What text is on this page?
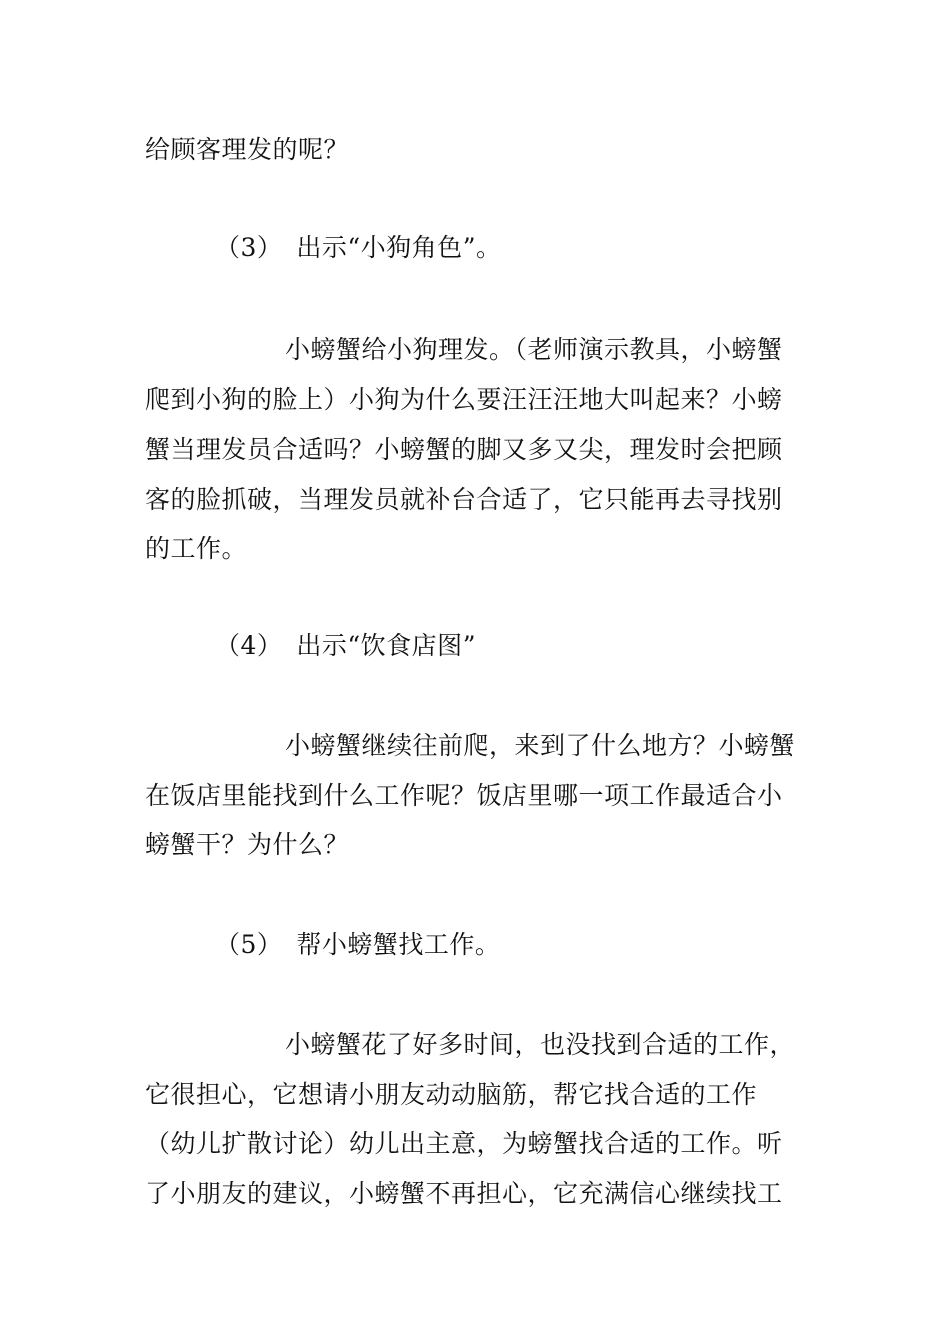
给顾客理发的呢？
（3） 出示“小狗角色”。
小螃蟹给小狗理发。（老师演示教具，小螃蟹
爬到小狗的脸上）小狗为什么要汪汪汪地大叫起来？小螃
蟹当理发员合适吗？小螃蟹的脚又多又尖，理发时会把顾
客的脸抓破，当理发员就补台合适了，它只能再去寻找别
的工作。
（4） 出示“饮食店图”
小螃蟹继续往前爬，来到了什么地方？小螃蟹
在饭店里能找到什么工作呢？饭店里哪一项工作最适合小
螃蟹干？为什么？
（5） 帮小螃蟹找工作。
小螃蟹花了好多时间，也没找到合适的工作，
它很担心，它想请小朋友动动脑筋，帮它找合适的工作
（幼儿扩散讨论）幼儿出主意，为螃蟹找合适的工作。听
了小朋友的建议，小螃蟹不再担心，它充满信心继续找工
